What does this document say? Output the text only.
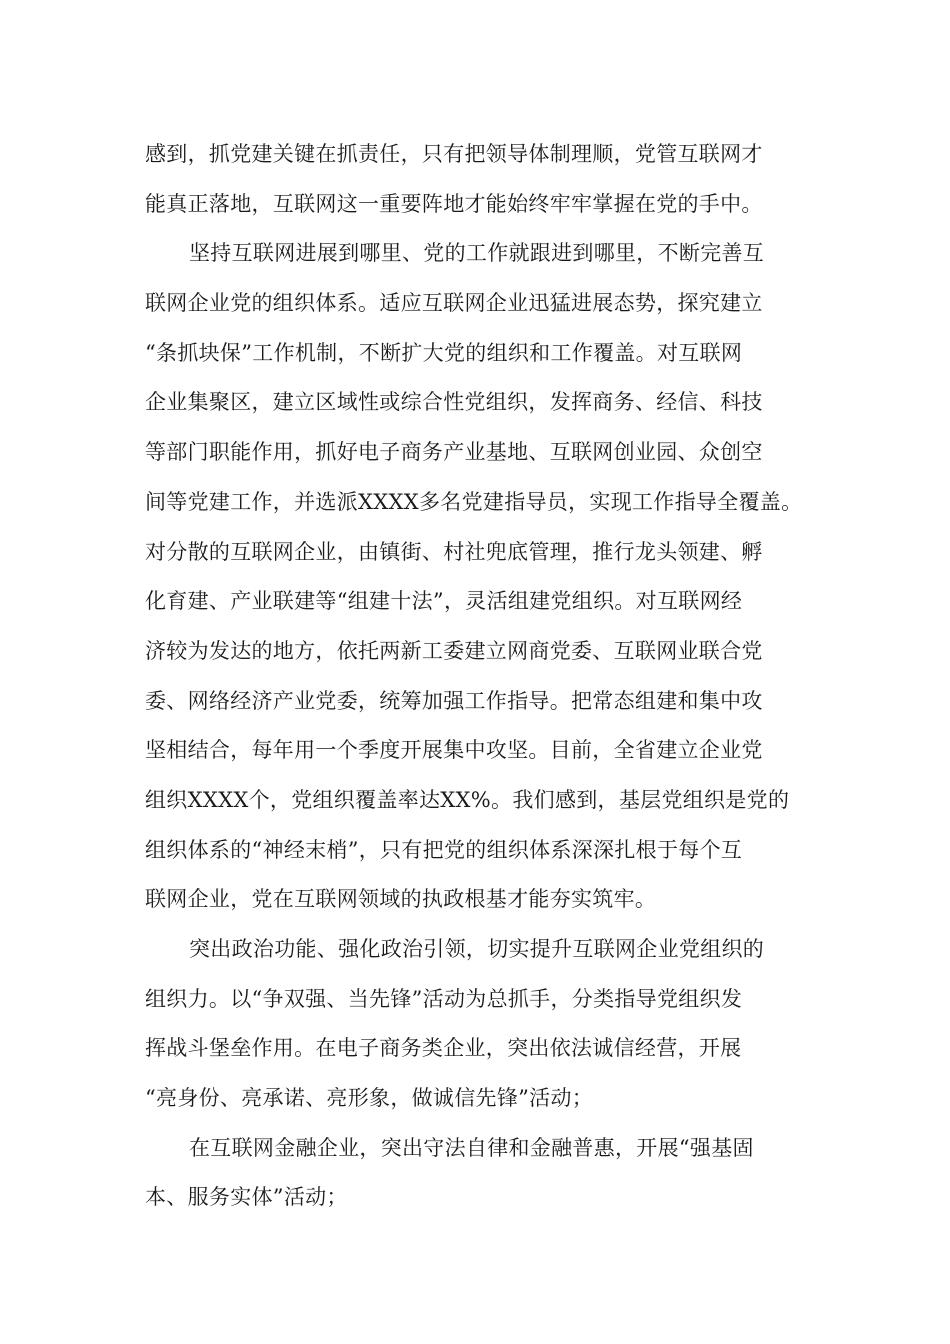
感到，抓党建关键在抓责任，只有把领导体制理顺，党管互联网才
能真正落地，互联网这一重要阵地才能始终牢牢掌握在党的手中。
坚持互联网进展到哪里、党的工作就跟进到哪里，不断完善互
联网企业党的组织体系。适应互联网企业迅猛进展态势，探究建立
“条抓块保”工作机制，不断扩大党的组织和工作覆盖。对互联网
企业集聚区，建立区域性或综合性党组织，发挥商务、经信、科技
等部门职能作用，抓好电子商务产业基地、互联网创业园、众创空
间等党建工作，并选派XXXX多名党建指导员，实现工作指导全覆盖。
对分散的互联网企业，由镇街、村社兜底管理，推行龙头领建、孵
化育建、产业联建等“组建十法”，灵活组建党组织。对互联网经
济较为发达的地方，依托两新工委建立网商党委、互联网业联合党
委、网络经济产业党委，统筹加强工作指导。把常态组建和集中攻
坚相结合，每年用一个季度开展集中攻坚。目前，全省建立企业党
组织XXXX个，党组织覆盖率达XX%。我们感到，基层党组织是党的
组织体系的“神经末梢”，只有把党的组织体系深深扎根于每个互
联网企业，党在互联网领域的执政根基才能夯实筑牢。
突出政治功能、强化政治引领，切实提升互联网企业党组织的
组织力。以“争双强、当先锋”活动为总抓手，分类指导党组织发
挥战斗堡垒作用。在电子商务类企业，突出依法诚信经营，开展
“亮身份、亮承诺、亮形象，做诚信先锋”活动；
在互联网金融企业，突出守法自律和金融普惠，开展“强基固
本、服务实体”活动；
